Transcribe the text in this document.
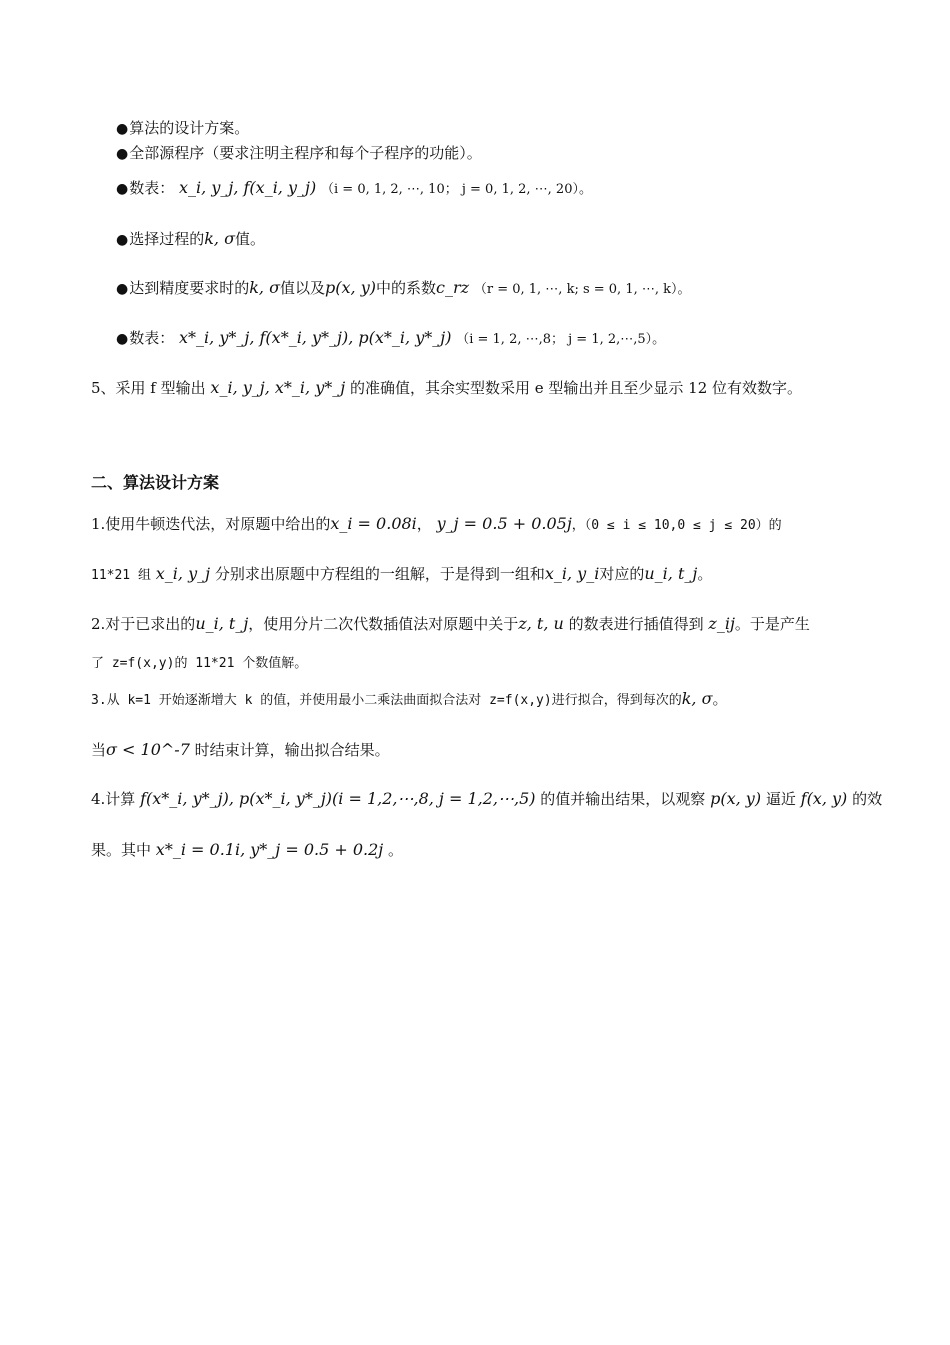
●算法的设计方案。
●全部源程序（要求注明主程序和每个子程序的功能）。
●数表： x_i, y_j, f(x_i, y_j) （i = 0, 1, 2, ⋯, 10； j = 0, 1, 2, ⋯, 20）。
●选择过程的k, σ值。
●达到精度要求时的k, σ值以及p(x, y)中的系数c_rz （r = 0, 1, ⋯, k; s = 0, 1, ⋯, k）。
●数表： x*_i, y*_j, f(x*_i, y*_j), p(x*_i, y*_j) （i = 1, 2, ⋯,8； j = 1, 2,⋯,5）。
5、采用 f 型输出 x_i, y_j, x*_i, y*_j 的准确值，其余实型数采用 e 型输出并且至少显示 12 位有效数字。
二、算法设计方案
1.使用牛顿迭代法，对原题中给出的x_i = 0.08i， y_j = 0.5 + 0.05j，（0 ≤ i ≤ 10,0 ≤ j ≤ 20）的
11*21 组 x_i, y_j 分别求出原题中方程组的一组解，于是得到一组和x_i, y_i对应的u_i, t_j。
2.对于已求出的u_i, t_j，使用分片二次代数插值法对原题中关于z, t, u 的数表进行插值得到 z_ij。于是产生
了 z=f(x,y)的 11*21 个数值解。
3.从 k=1 开始逐渐增大 k 的值，并使用最小二乘法曲面拟合法对 z=f(x,y)进行拟合，得到每次的k, σ。
当σ < 10^-7 时结束计算，输出拟合结果。
4.计算 f(x*_i, y*_j), p(x*_i, y*_j)(i = 1,2,⋯,8, j = 1,2,⋯,5) 的值并输出结果，以观察 p(x, y) 逼近 f(x, y) 的效
果。其中 x*_i = 0.1i, y*_j = 0.5 + 0.2j 。
